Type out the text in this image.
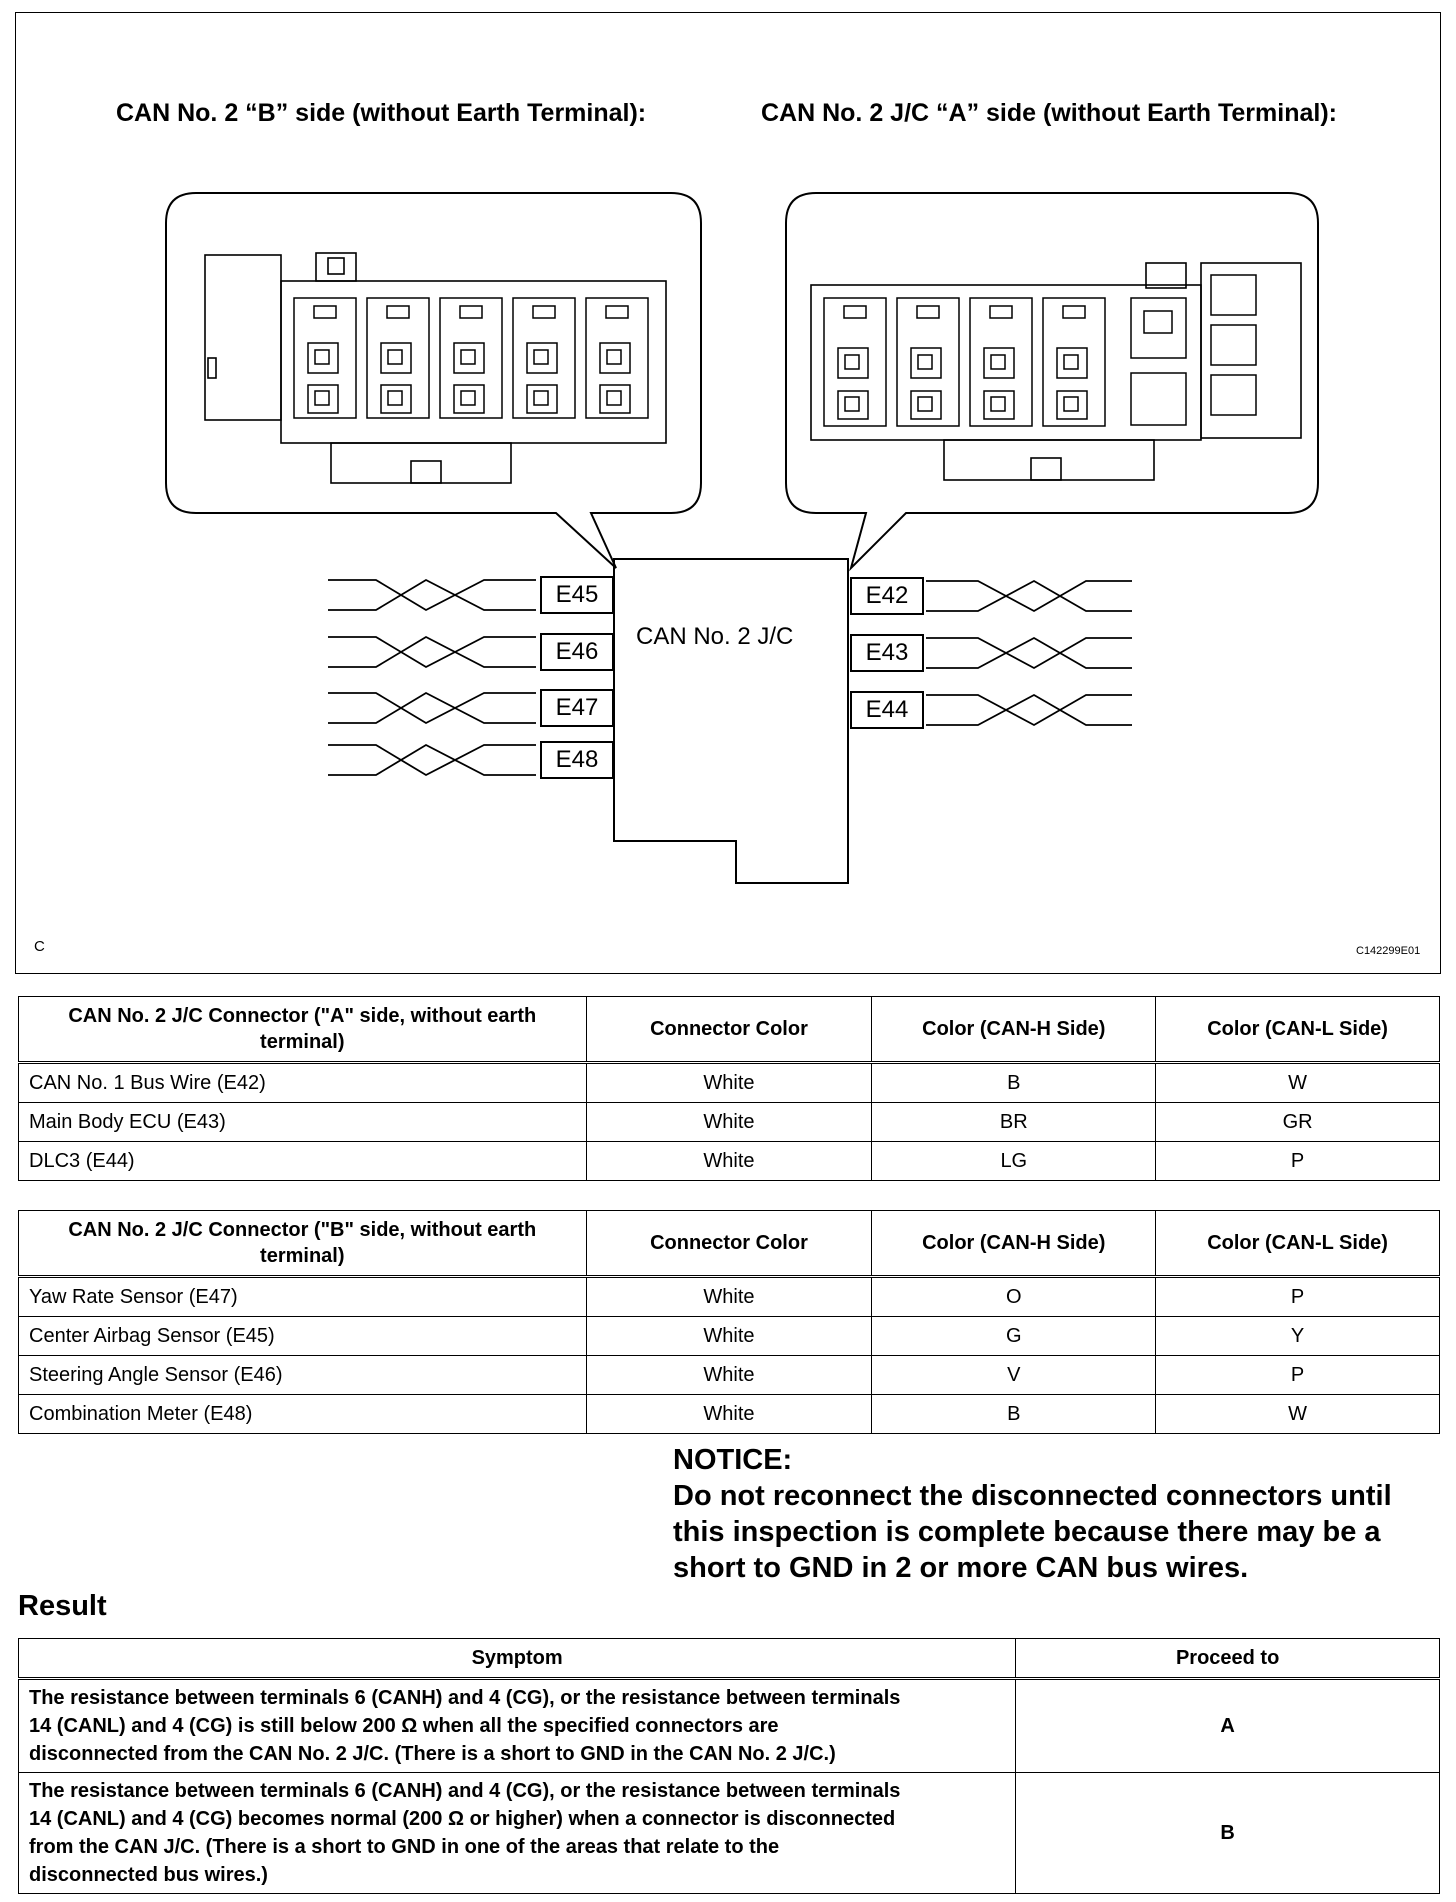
CAN No. 2 “B” side (without Earth Terminal):	CAN No. 2 J/C “A” side (without Earth Terminal):
CAN No. 2 J/C
E45
E46
E47
E48
E42
E43
E44
C	C142299E01
CAN No. 2 J/C Connector ("A" side, without earth terminal)	Connector Color	Color (CAN-H Side)	Color (CAN-L Side)
CAN No. 1 Bus Wire (E42)	White	B	W
Main Body ECU (E43)	White	BR	GR
DLC3 (E44)	White	LG	P
CAN No. 2 J/C Connector ("B" side, without earth terminal)	Connector Color	Color (CAN-H Side)	Color (CAN-L Side)
Yaw Rate Sensor (E47)	White	O	P
Center Airbag Sensor (E45)	White	G	Y
Steering Angle Sensor (E46)	White	V	P
Combination Meter (E48)	White	B	W
NOTICE:
Do not reconnect the disconnected connectors until
this inspection is complete because there may be a
short to GND in 2 or more CAN bus wires.
Result
Symptom	Proceed to

The resistance between terminals 6 (CANH) and 4 (CG), or the resistance between terminals
14 (CANL) and 4 (CG) is still below 200 Ω when all the specified connectors are
disconnected from the CAN No. 2 J/C. (There is a short to GND in the CAN No. 2 J/C.)	A

The resistance between terminals 6 (CANH) and 4 (CG), or the resistance between terminals
14 (CANL) and 4 (CG) becomes normal (200 Ω or higher) when a connector is disconnected
from the CAN J/C. (There is a short to GND in one of the areas that relate to the
disconnected bus wires.)	B
